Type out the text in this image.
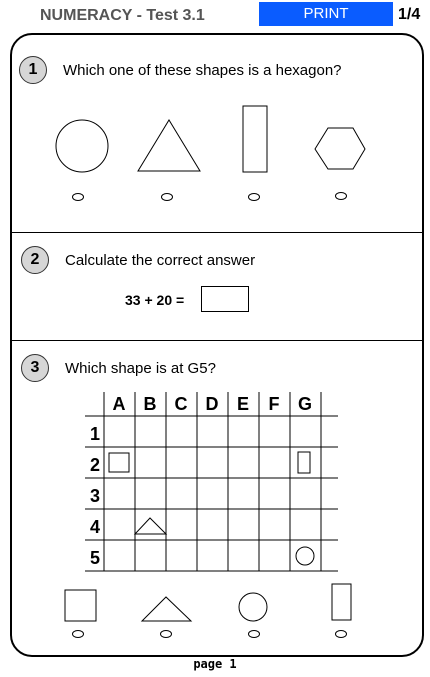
NUMERACY - Test 3.1	PRINT	1/4
1	Which one of these shapes is a hexagon?
2	Calculate the correct answer
33 + 20 =
3	Which shape is at G5?
A B C D E F G
1
2
3
4
5
page 1
